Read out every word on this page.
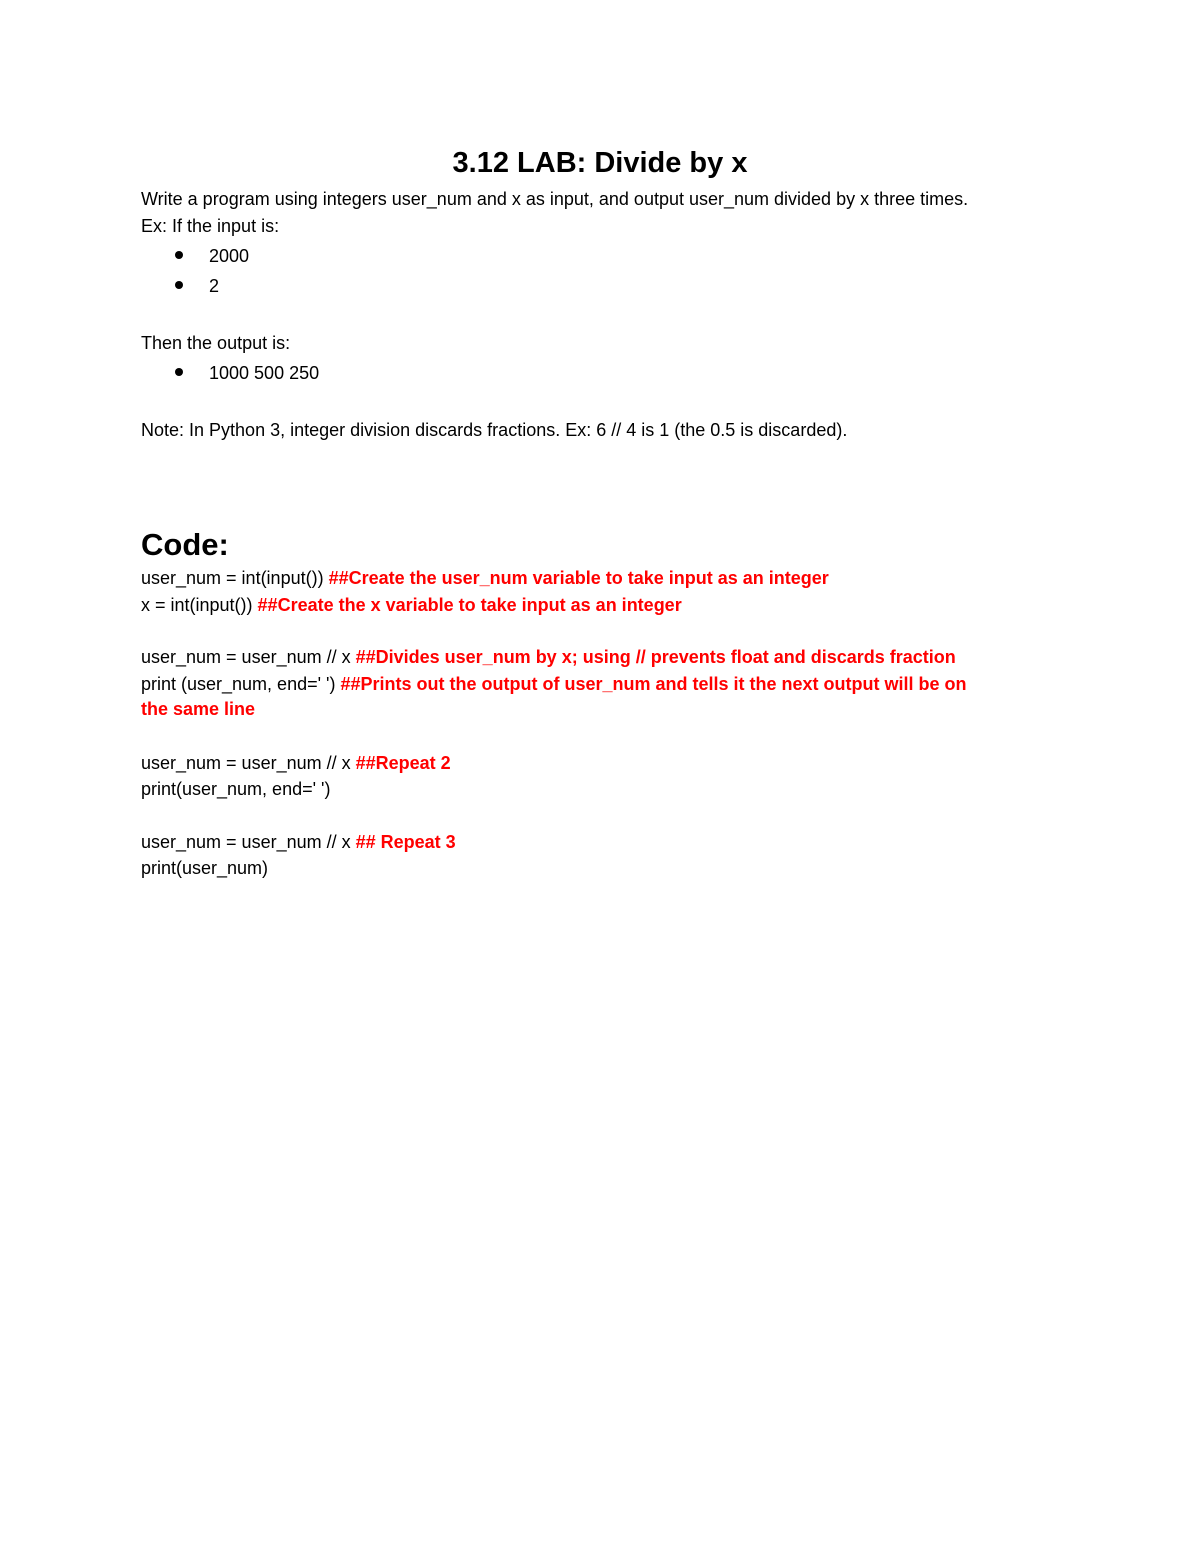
3.12 LAB: Divide by x
Write a program using integers user_num and x as input, and output user_num divided by x three times.
Ex: If the input is:
2000
2
Then the output is:
1000 500 250
Note: In Python 3, integer division discards fractions. Ex: 6 // 4 is 1 (the 0.5 is discarded).
Code:
user_num = int(input()) ##Create the user_num variable to take input as an integer
x = int(input()) ##Create the x variable to take input as an integer
user_num = user_num // x ##Divides user_num by x; using // prevents float and discards fraction
print (user_num, end=' ') ##Prints out the output of user_num and tells it the next output will be on
the same line
user_num = user_num // x ##Repeat 2
print(user_num, end=' ')
user_num = user_num // x ## Repeat 3
print(user_num)
